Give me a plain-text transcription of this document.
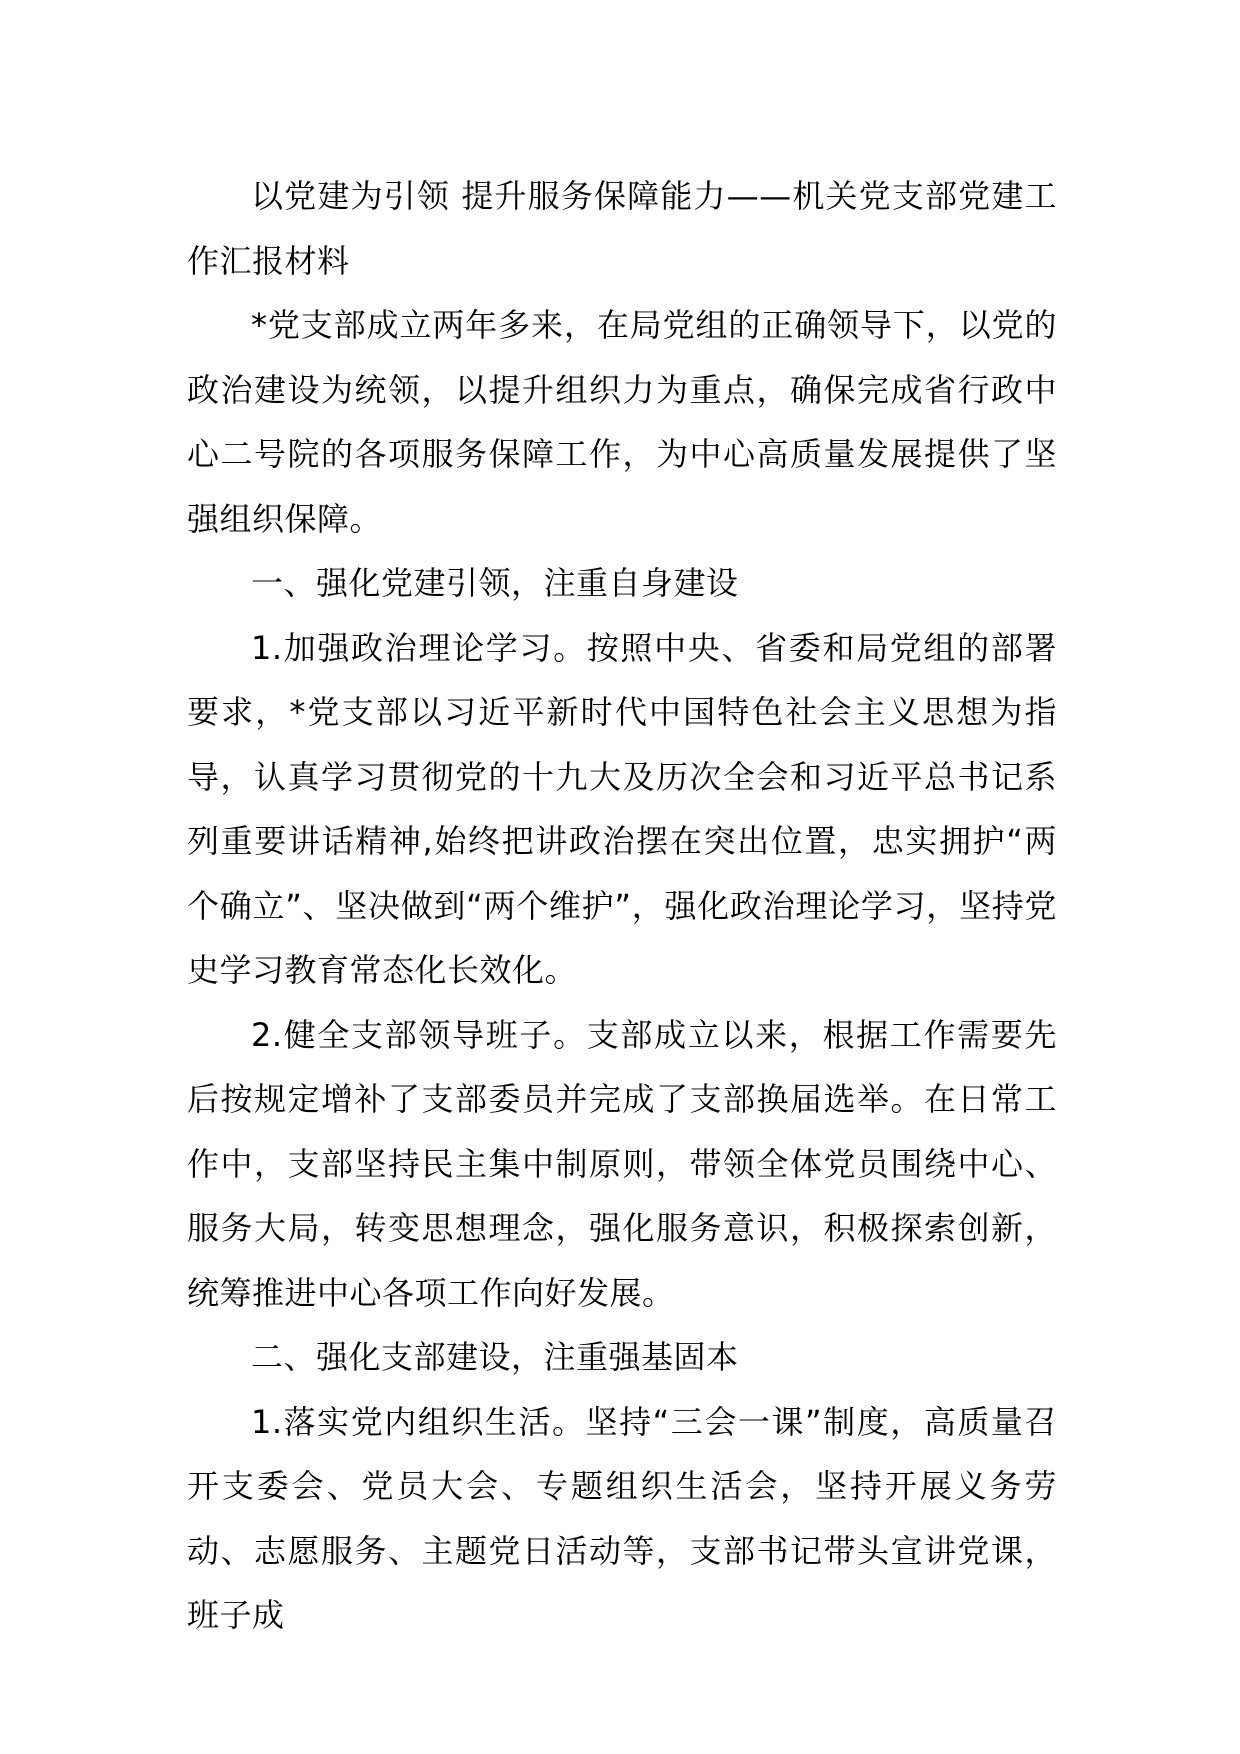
以党建为引领 提升服务保障能力——机关党支部党建工作汇报材料

*党支部成立两年多来，在局党组的正确领导下，以党的政治建设为统领，以提升组织力为重点，确保完成省行政中心二号院的各项服务保障工作，为中心高质量发展提供了坚强组织保障。

一、强化党建引领，注重自身建设

1.加强政治理论学习。按照中央、省委和局党组的部署要求，*党支部以习近平新时代中国特色社会主义思想为指导，认真学习贯彻党的十九大及历次全会和习近平总书记系列重要讲话精神,始终把讲政治摆在突出位置，忠实拥护“两个确立”、坚决做到“两个维护”，强化政治理论学习，坚持党史学习教育常态化长效化。

2.健全支部领导班子。支部成立以来，根据工作需要先后按规定增补了支部委员并完成了支部换届选举。在日常工作中，支部坚持民主集中制原则，带领全体党员围绕中心、服务大局，转变思想理念，强化服务意识，积极探索创新，统筹推进中心各项工作向好发展。

二、强化支部建设，注重强基固本

1.落实党内组织生活。坚持“三会一课”制度，高质量召开支委会、党员大会、专题组织生活会，坚持开展义务劳动、志愿服务、主题党日活动等，支部书记带头宣讲党课，班子成
